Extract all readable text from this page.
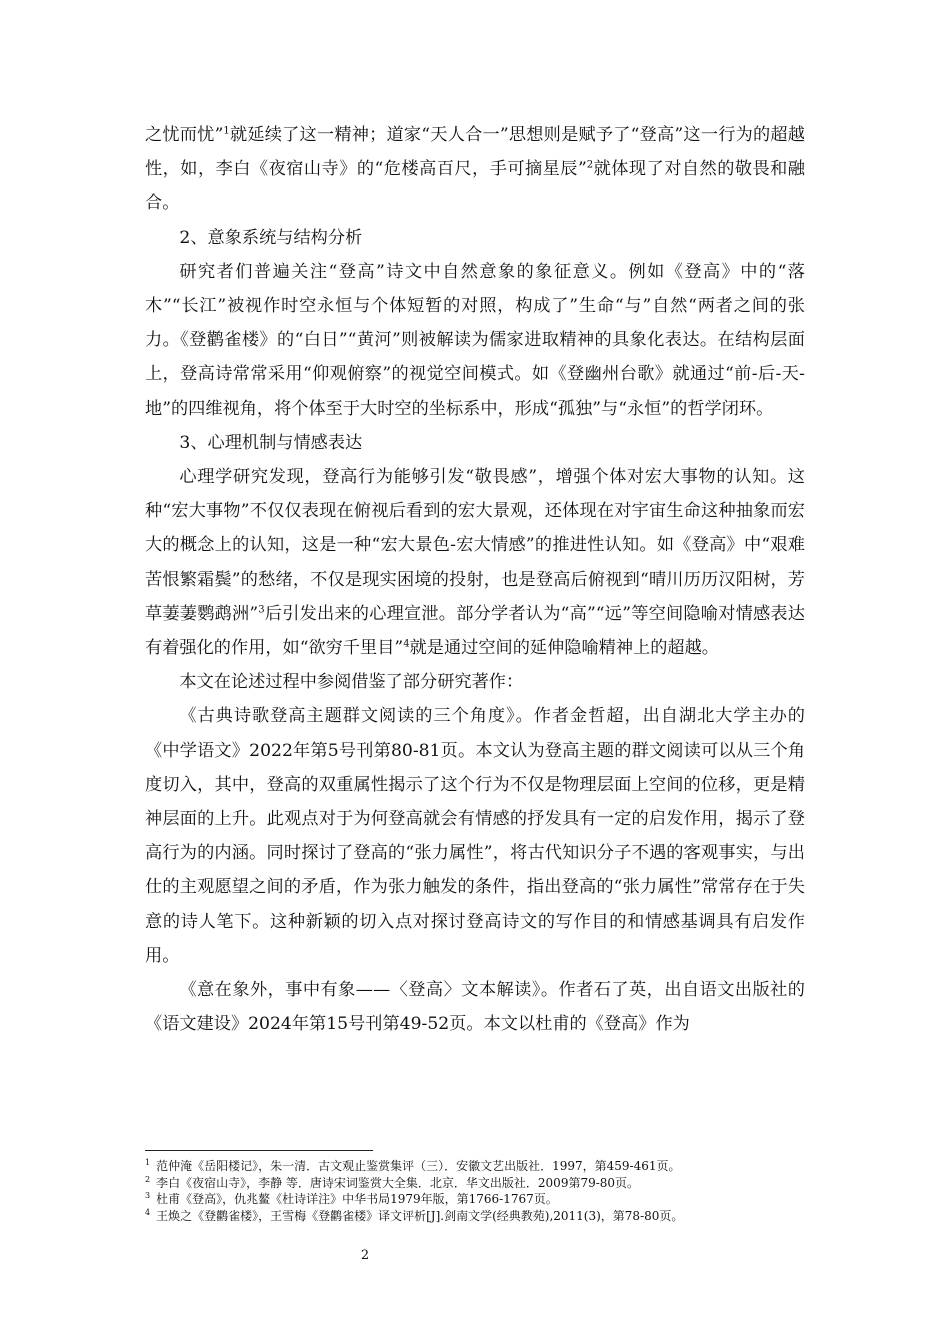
之忧而忧”$^1$就延续了这一精神；道家“天人合一”思想则是赋予了“登高”这一行为的超越性，如，李白《夜宿山寺》的“危楼高百尺，手可摘星辰”$^2$就体现了对自然的敬畏和融合。

2、意象系统与结构分析

研究者们普遍关注“登高”诗文中自然意象的象征意义。例如《登高》中的“落木”“长江”被视作时空永恒与个体短暂的对照，构成了”生命“与”自然“两者之间的张力。《登鹳雀楼》的“白日”“黄河”则被解读为儒家进取精神的具象化表达。在结构层面上，登高诗常常采用“仰观俯察”的视觉空间模式。如《登幽州台歌》就通过“前-后-天-地”的四维视角，将个体至于大时空的坐标系中，形成“孤独”与“永恒”的哲学闭环。

3、心理机制与情感表达

心理学研究发现，登高行为能够引发“敬畏感”，增强个体对宏大事物的认知。这种“宏大事物”不仅仅表现在俯视后看到的宏大景观，还体现在对宇宙生命这种抽象而宏大的概念上的认知，这是一种“宏大景色-宏大情感”的推进性认知。如《登高》中“艰难苦恨繁霜鬓”的愁绪，不仅是现实困境的投射，也是登高后俯视到“晴川历历汉阳树，芳草萋萋鹦鹉洲”$^3$后引发出来的心理宣泄。部分学者认为“高”“远”等空间隐喻对情感表达有着强化的作用，如“欲穷千里目”$^4$就是通过空间的延伸隐喻精神上的超越。

本文在论述过程中参阅借鉴了部分研究著作：

《古典诗歌登高主题群文阅读的三个角度》。作者金哲超，出自湖北大学主办的《中学语文》2022年第5号刊第80-81页。本文认为登高主题的群文阅读可以从三个角度切入，其中，登高的双重属性揭示了这个行为不仅是物理层面上空间的位移，更是精神层面的上升。此观点对于为何登高就会有情感的抒发具有一定的启发作用，揭示了登高行为的内涵。同时探讨了登高的“张力属性”，将古代知识分子不遇的客观事实，与出仕的主观愿望之间的矛盾，作为张力触发的条件，指出登高的“张力属性”常常存在于失意的诗人笔下。这种新颖的切入点对探讨登高诗文的写作目的和情感基调具有启发作用。

《意在象外，事中有象——〈登高〉文本解读》。作者石了英，出自语文出版社的《语文建设》2024年第15号刊第49-52页。本文以杜甫的《登高》作为

$^1$ 范仲淹《岳阳楼记》，朱一清．古文观止鉴赏集评（三）．安徽文艺出版社．1997，第459-461页。

$^2$ 李白《夜宿山寺》，李静 等．唐诗宋词鉴赏大全集．北京．华文出版社．2009第79-80页。

$^3$ 杜甫《登高》，仇兆鳌《杜诗详注》中华书局1979年版，第1766-1767页。

$^4$ 王焕之《登鹳雀楼》，王雪梅《登鹳雀楼》译文评析[J].剑南文学(经典教苑),2011(3)，第78-80页。

2
